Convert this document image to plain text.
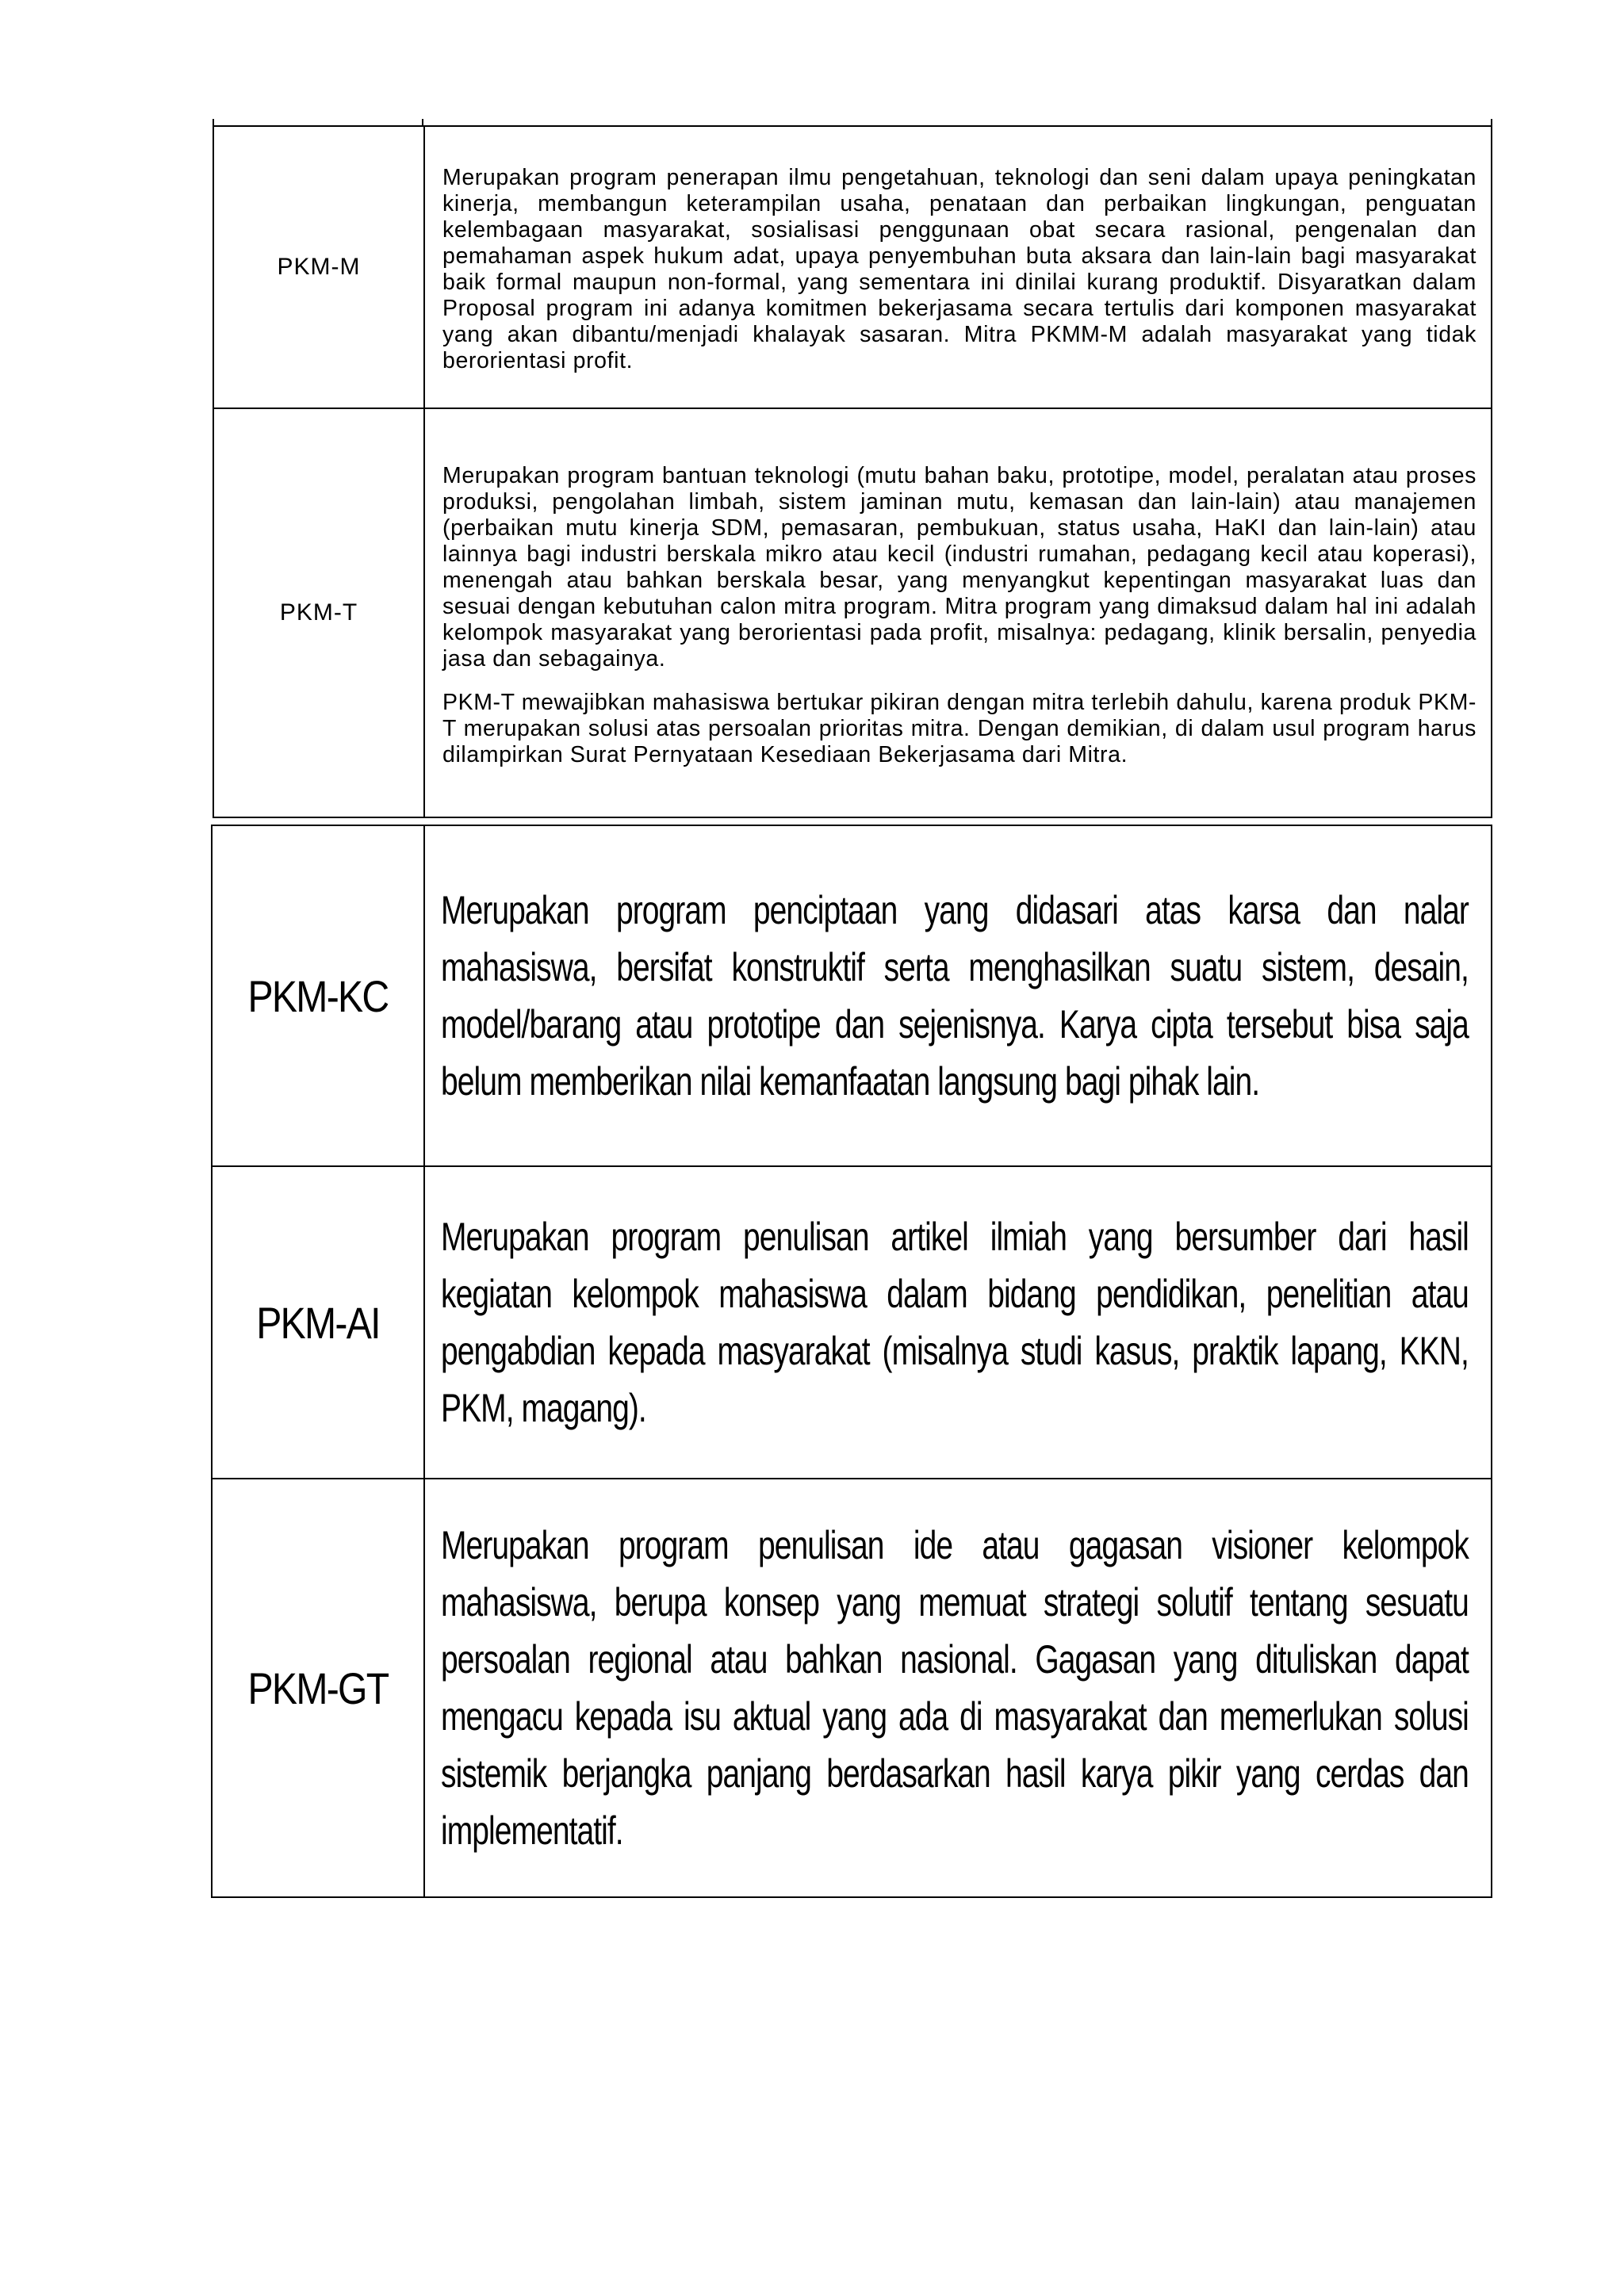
PKM-M	Merupakan program penerapan ilmu pengetahuan, teknologi dan seni dalam upaya peningkatan kinerja, membangun keterampilan usaha, penataan dan perbaikan lingkungan, penguatan kelembagaan masyarakat, sosialisasi penggunaan obat secara rasional, pengenalan dan pemahaman aspek hukum adat, upaya penyembuhan buta aksara dan lain-lain bagi masyarakat baik formal maupun non-formal, yang sementara ini dinilai kurang produktif. Disyaratkan dalam Proposal program ini adanya komitmen bekerjasama secara tertulis dari komponen masyarakat yang akan dibantu/menjadi khalayak sasaran. Mitra PKMM-M adalah masyarakat yang tidak berorientasi profit.

PKM-T	Merupakan program bantuan teknologi (mutu bahan baku, prototipe, model, peralatan atau proses produksi, pengolahan limbah, sistem jaminan mutu, kemasan dan lain-lain) atau manajemen (perbaikan mutu kinerja SDM, pemasaran, pembukuan, status usaha, HaKI dan lain-lain) atau lainnya bagi industri berskala mikro atau kecil (industri rumahan, pedagang kecil atau koperasi), menengah atau bahkan berskala besar, yang menyangkut kepentingan masyarakat luas dan sesuai dengan kebutuhan calon mitra program. Mitra program yang dimaksud dalam hal ini adalah kelompok masyarakat yang berorientasi pada profit, misalnya: pedagang, klinik bersalin, penyedia jasa dan sebagainya.

PKM-T mewajibkan mahasiswa bertukar pikiran dengan mitra terlebih dahulu, karena produk PKM-T merupakan solusi atas persoalan prioritas mitra. Dengan demikian, di dalam usul program harus dilampirkan Surat Pernyataan Kesediaan Bekerjasama dari Mitra.

PKM-KC	Merupakan program penciptaan yang didasari atas karsa dan nalar mahasiswa, bersifat konstruktif serta menghasilkan suatu sistem, desain, model/barang atau prototipe dan sejenisnya. Karya cipta tersebut bisa saja belum memberikan nilai kemanfaatan langsung bagi pihak lain.

PKM-AI	Merupakan program penulisan artikel ilmiah yang bersumber dari hasil kegiatan kelompok mahasiswa dalam bidang pendidikan, penelitian atau pengabdian kepada masyarakat (misalnya studi kasus, praktik lapang, KKN, PKM, magang).

PKM-GT	Merupakan program penulisan ide atau gagasan visioner kelompok mahasiswa, berupa konsep yang memuat strategi solutif tentang sesuatu persoalan regional atau bahkan nasional. Gagasan yang dituliskan dapat mengacu kepada isu aktual yang ada di masyarakat dan memerlukan solusi sistemik berjangka panjang berdasarkan hasil karya pikir yang cerdas dan implementatif.
